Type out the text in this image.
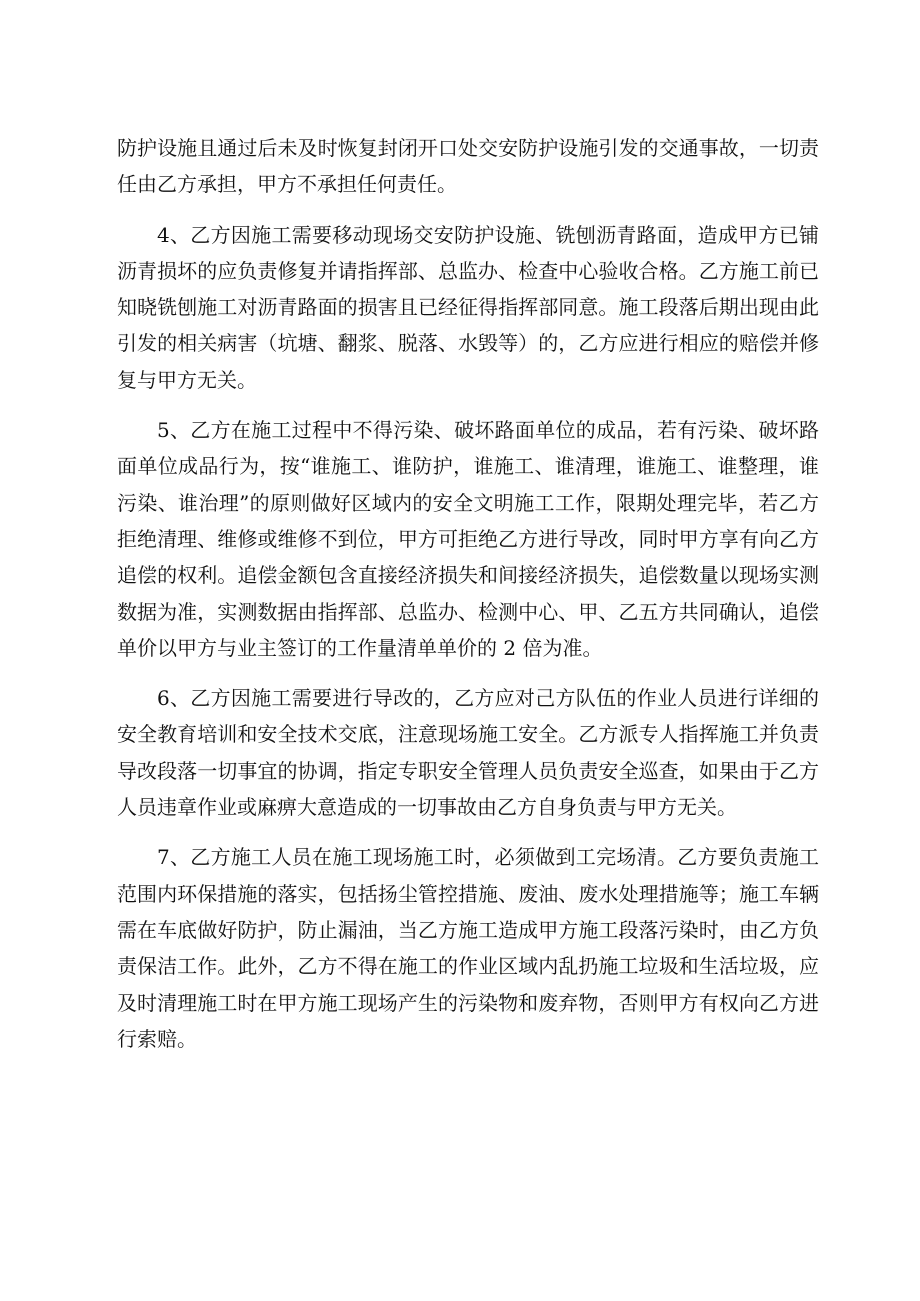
防护设施且通过后未及时恢复封闭开口处交安防护设施引发的交通事故，一切责任由乙方承担，甲方不承担任何责任。

4、乙方因施工需要移动现场交安防护设施、铣刨沥青路面，造成甲方已铺沥青损坏的应负责修复并请指挥部、总监办、检查中心验收合格。乙方施工前已知晓铣刨施工对沥青路面的损害且已经征得指挥部同意。施工段落后期出现由此引发的相关病害（坑塘、翻浆、脱落、水毁等）的，乙方应进行相应的赔偿并修复与甲方无关。

5、乙方在施工过程中不得污染、破坏路面单位的成品，若有污染、破坏路面单位成品行为，按“谁施工、谁防护，谁施工、谁清理，谁施工、谁整理，谁污染、谁治理”的原则做好区域内的安全文明施工工作，限期处理完毕，若乙方拒绝清理、维修或维修不到位，甲方可拒绝乙方进行导改，同时甲方享有向乙方追偿的权利。追偿金额包含直接经济损失和间接经济损失，追偿数量以现场实测数据为准，实测数据由指挥部、总监办、检测中心、甲、乙五方共同确认，追偿单价以甲方与业主签订的工作量清单单价的 2 倍为准。

6、乙方因施工需要进行导改的，乙方应对己方队伍的作业人员进行详细的安全教育培训和安全技术交底，注意现场施工安全。乙方派专人指挥施工并负责导改段落一切事宜的协调，指定专职安全管理人员负责安全巡查，如果由于乙方人员违章作业或麻痹大意造成的一切事故由乙方自身负责与甲方无关。

7、乙方施工人员在施工现场施工时，必须做到工完场清。乙方要负责施工范围内环保措施的落实，包括扬尘管控措施、废油、废水处理措施等；施工车辆需在车底做好防护，防止漏油，当乙方施工造成甲方施工段落污染时，由乙方负责保洁工作。此外，乙方不得在施工的作业区域内乱扔施工垃圾和生活垃圾，应及时清理施工时在甲方施工现场产生的污染物和废弃物，否则甲方有权向乙方进行索赔。
